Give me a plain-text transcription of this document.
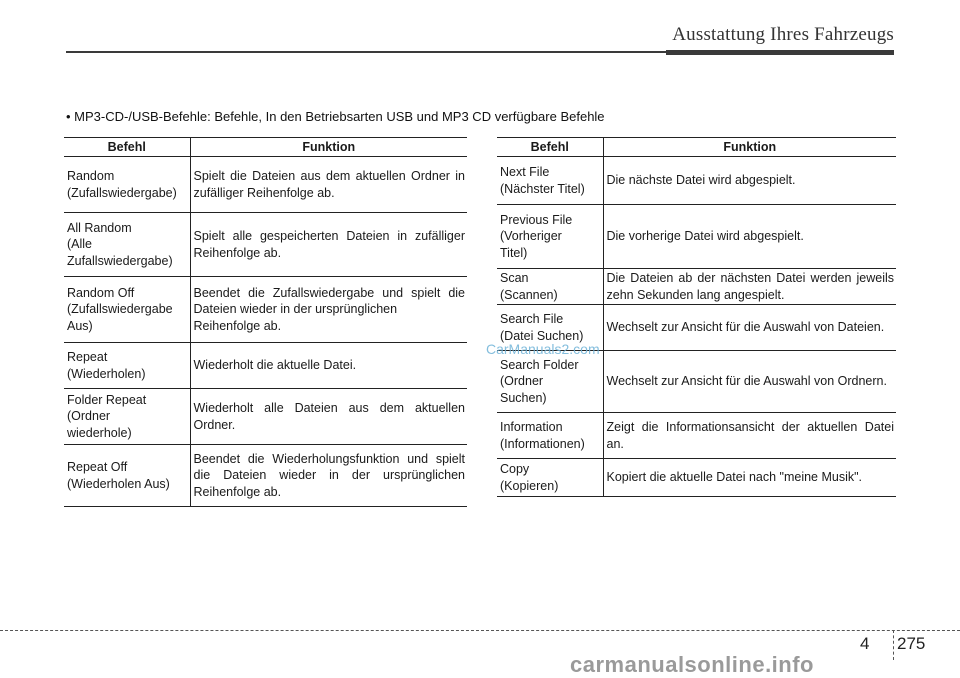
Ausstattung Ihres Fahrzeugs
• MP3-CD-/USB-Befehle: Befehle, In den Betriebsarten USB und MP3 CD verfügbare Befehle
Befehl	Funktion
Random
(Zufallswiedergabe)	Spielt die Dateien aus dem aktuellen Ordner in zufälliger Reihenfolge ab.
All Random
(Alle
Zufallswiedergabe)	Spielt alle gespeicherten Dateien in zufälliger Reihenfolge ab.
Random Off
(Zufallswiedergabe
Aus)	Beendet die Zufallswiedergabe und spielt die Dateien wieder in der ursprünglichen
Reihenfolge ab.
Repeat
(Wiederholen)	Wiederholt die aktuelle Datei.
Folder Repeat
(Ordner
wiederhole)	Wiederholt alle Dateien aus dem aktuellen Ordner.
Repeat Off
(Wiederholen Aus)	Beendet die Wiederholungsfunktion und spielt die Dateien wieder in der ursprünglichen Reihenfolge ab.
Befehl	Funktion
Next File
(Nächster Titel)	Die nächste Datei wird abgespielt.
Previous File
(Vorheriger
Titel)	Die vorherige Datei wird abgespielt.
Scan
(Scannen)	Die Dateien ab der nächsten Datei werden jeweils zehn Sekunden lang angespielt.
Search File
(Datei Suchen)	Wechselt zur Ansicht für die Auswahl von Dateien.
Search Folder
(Ordner
Suchen)	Wechselt zur Ansicht für die Auswahl von Ordnern.
Information
(Informationen)	Zeigt die Informationsansicht der aktuellen Datei an.
Copy
(Kopieren)	Kopiert die aktuelle Datei nach "meine Musik".
CarManuals2.com
4 275
carmanualsonline.info
